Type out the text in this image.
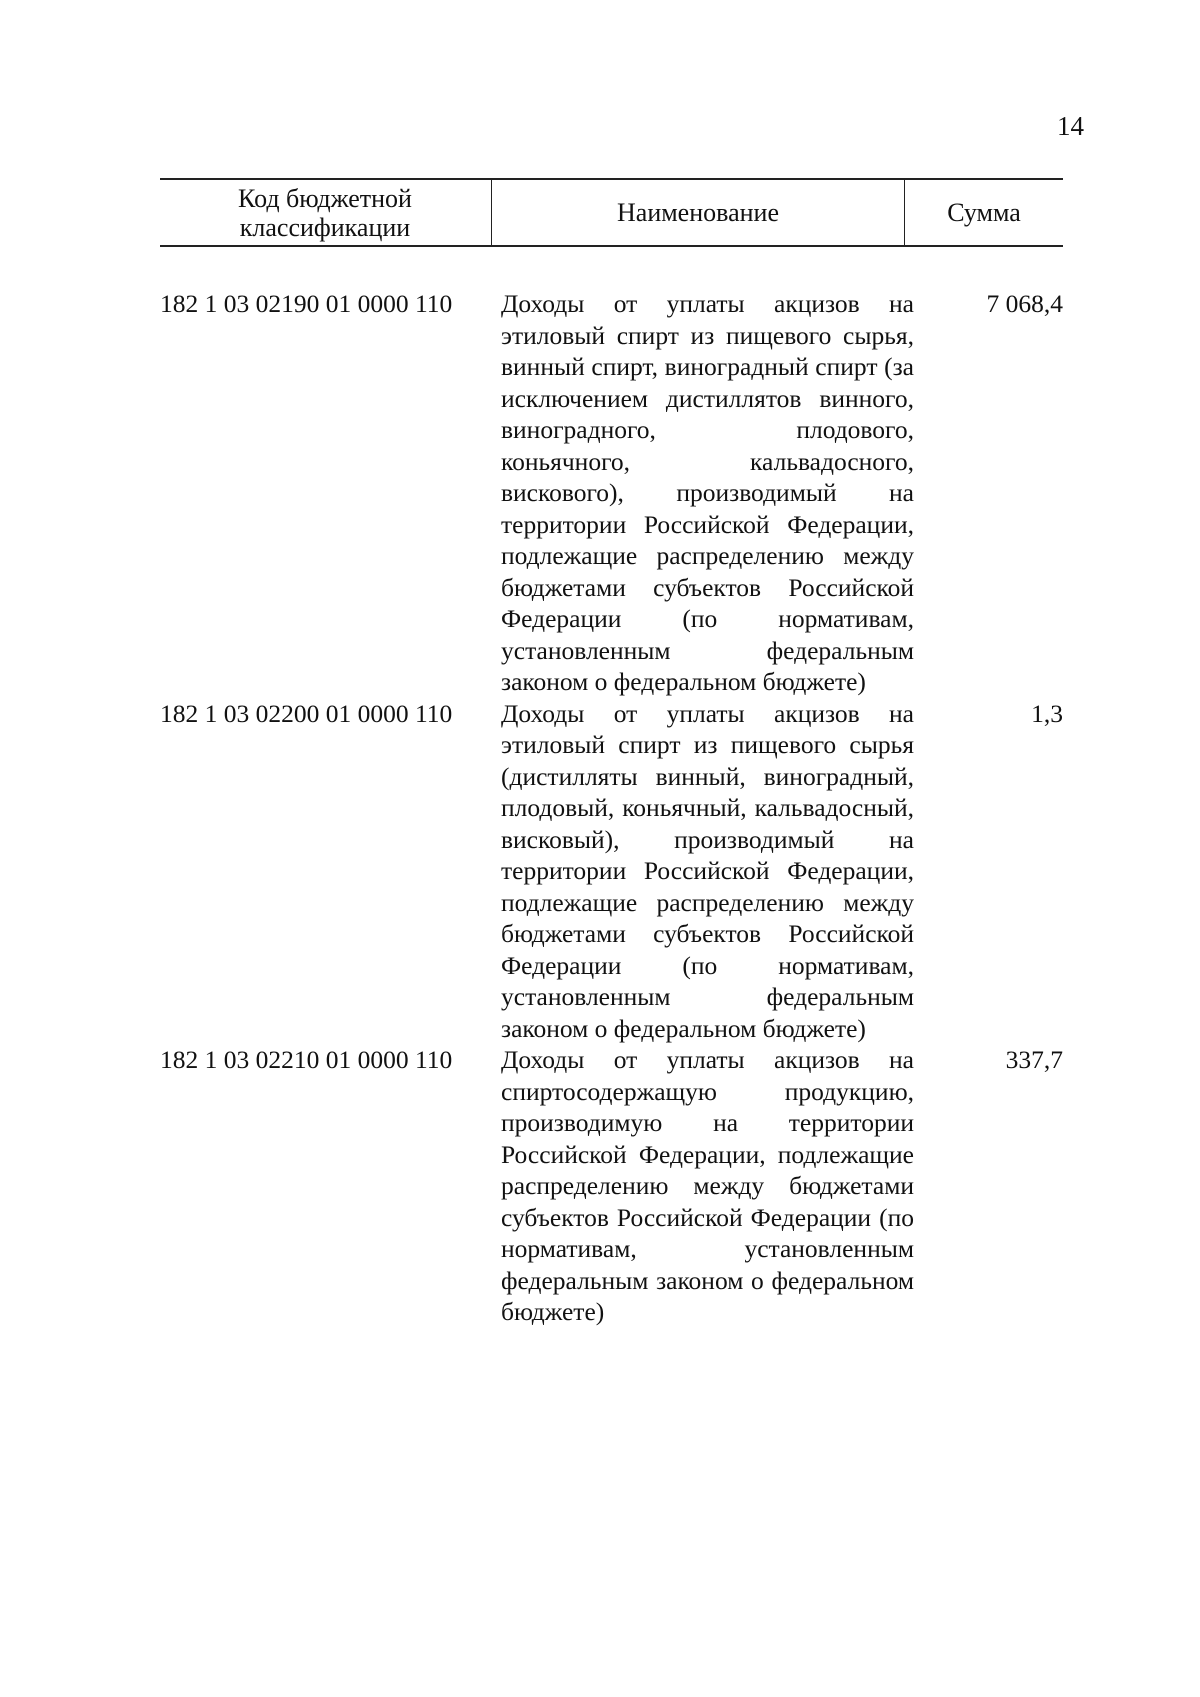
14
Код бюджетной
классификации	Наименование	Сумма
182 1 03 02190 01 0000 110	Доходы от уплаты акцизов на этиловый спирт из пищевого сырья, винный спирт, виноградный спирт (за исключением дистиллятов винного, виноградного, плодового, коньячного, кальвадосного, вискового), производимый на территории Российской Федерации, подлежащие распределению между бюджетами субъектов Российской Федерации (по нормативам, установленным федеральным законом о федеральном бюджете)
7 068,4
182 1 03 02200 01 0000 110	Доходы от уплаты акцизов на этиловый спирт из пищевого сырья (дистилляты винный, виноградный, плодовый, коньячный, кальвадосный, висковый), производимый на территории Российской Федерации, подлежащие распределению между бюджетами субъектов Российской Федерации (по нормативам, установленным федеральным законом о федеральном бюджете)
1,3
182 1 03 02210 01 0000 110	Доходы от уплаты акцизов на спиртосодержащую продукцию, производимую на территории Российской Федерации, подлежащие распределению между бюджетами субъектов Российской Федерации (по нормативам, установленным федеральным законом о федеральном бюджете)
337,7
